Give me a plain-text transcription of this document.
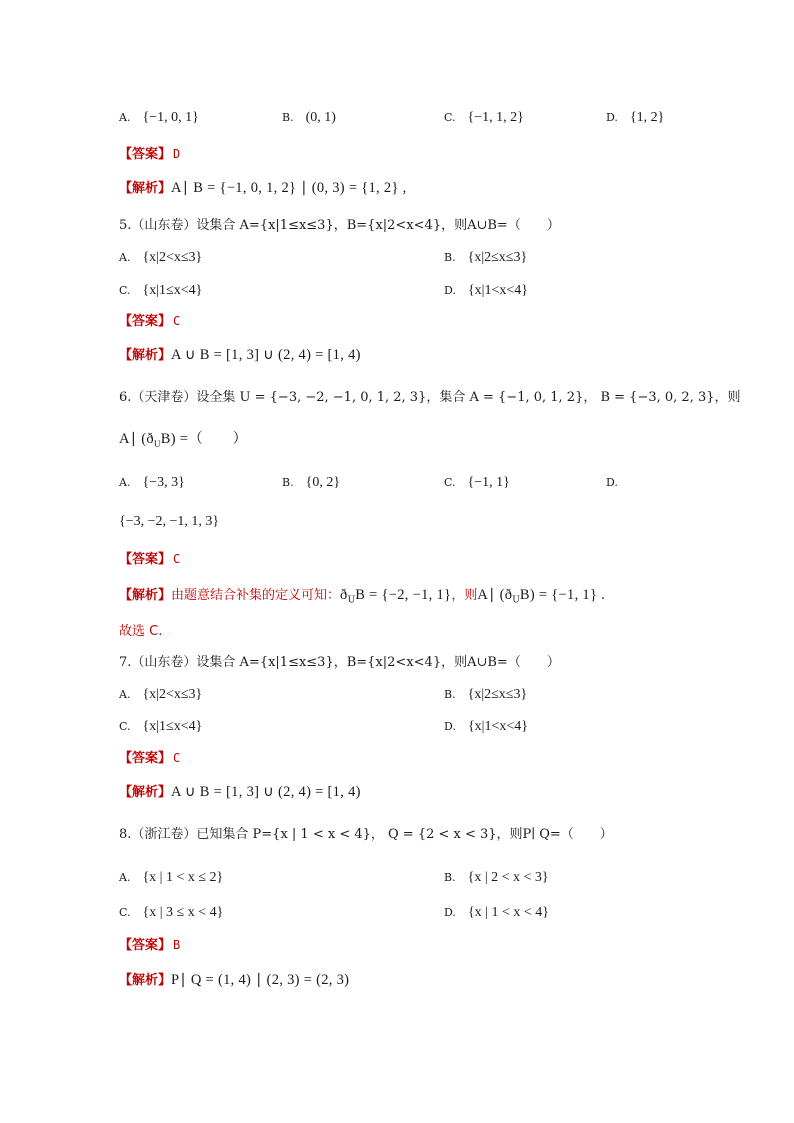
A. {−1, 0, 1}	B. (0, 1)	C. {−1, 1, 2}	D. {1, 2}
【答案】 D
【解析】A∣ B = {−1, 0, 1, 2} ∣ (0, 3) = {1, 2} ,
5.（山东卷）设集合 A={x|1≤x≤3}，B={x|2<x<4}，则A∪B=（　　）
A. {x|2<x≤3}	B. {x|2≤x≤3}
C. {x|1≤x<4}	D. {x|1<x<4}
【答案】 C
【解析】A ∪ B = [1, 3] ∪ (2, 4) = [1, 4)
6.（天津卷）设全集 U = {−3, −2, −1, 0, 1, 2, 3}，集合 A = {−1, 0, 1, 2}， B = {−3, 0, 2, 3}，则
A∣ $(ð_UB)$ =（　　）
A. {−3, 3}	B. {0, 2}	C. {−1, 1}	D.
{−3, −2, −1, 1, 3}
【答案】 C
【解析】由题意结合补集的定义可知：$ð_UB = \{-2$, −1, 1}，则A∣ $(ð_UB) = \{-1$, 1} .
故选 C.
7.（山东卷）设集合 A={x|1≤x≤3}，B={x|2<x<4}，则A∪B=（　　）
A. {x|2<x≤3}	B. {x|2≤x≤3}
C. {x|1≤x<4}	D. {x|1<x<4}
【答案】 C
【解析】A ∪ B = [1, 3] ∪ (2, 4) = [1, 4)
8.（浙江卷）已知集合 P={x | 1 < x < 4}， Q = {2 < x < 3}，则P∣ Q=（　　）
A. {x | 1 < x ≤ 2}	B. {x | 2 < x < 3}
C. {x | 3 ≤ x < 4}	D. {x | 1 < x < 4}
【答案】 B
【解析】P∣ Q = (1, 4) ∣ (2, 3) = (2, 3)
